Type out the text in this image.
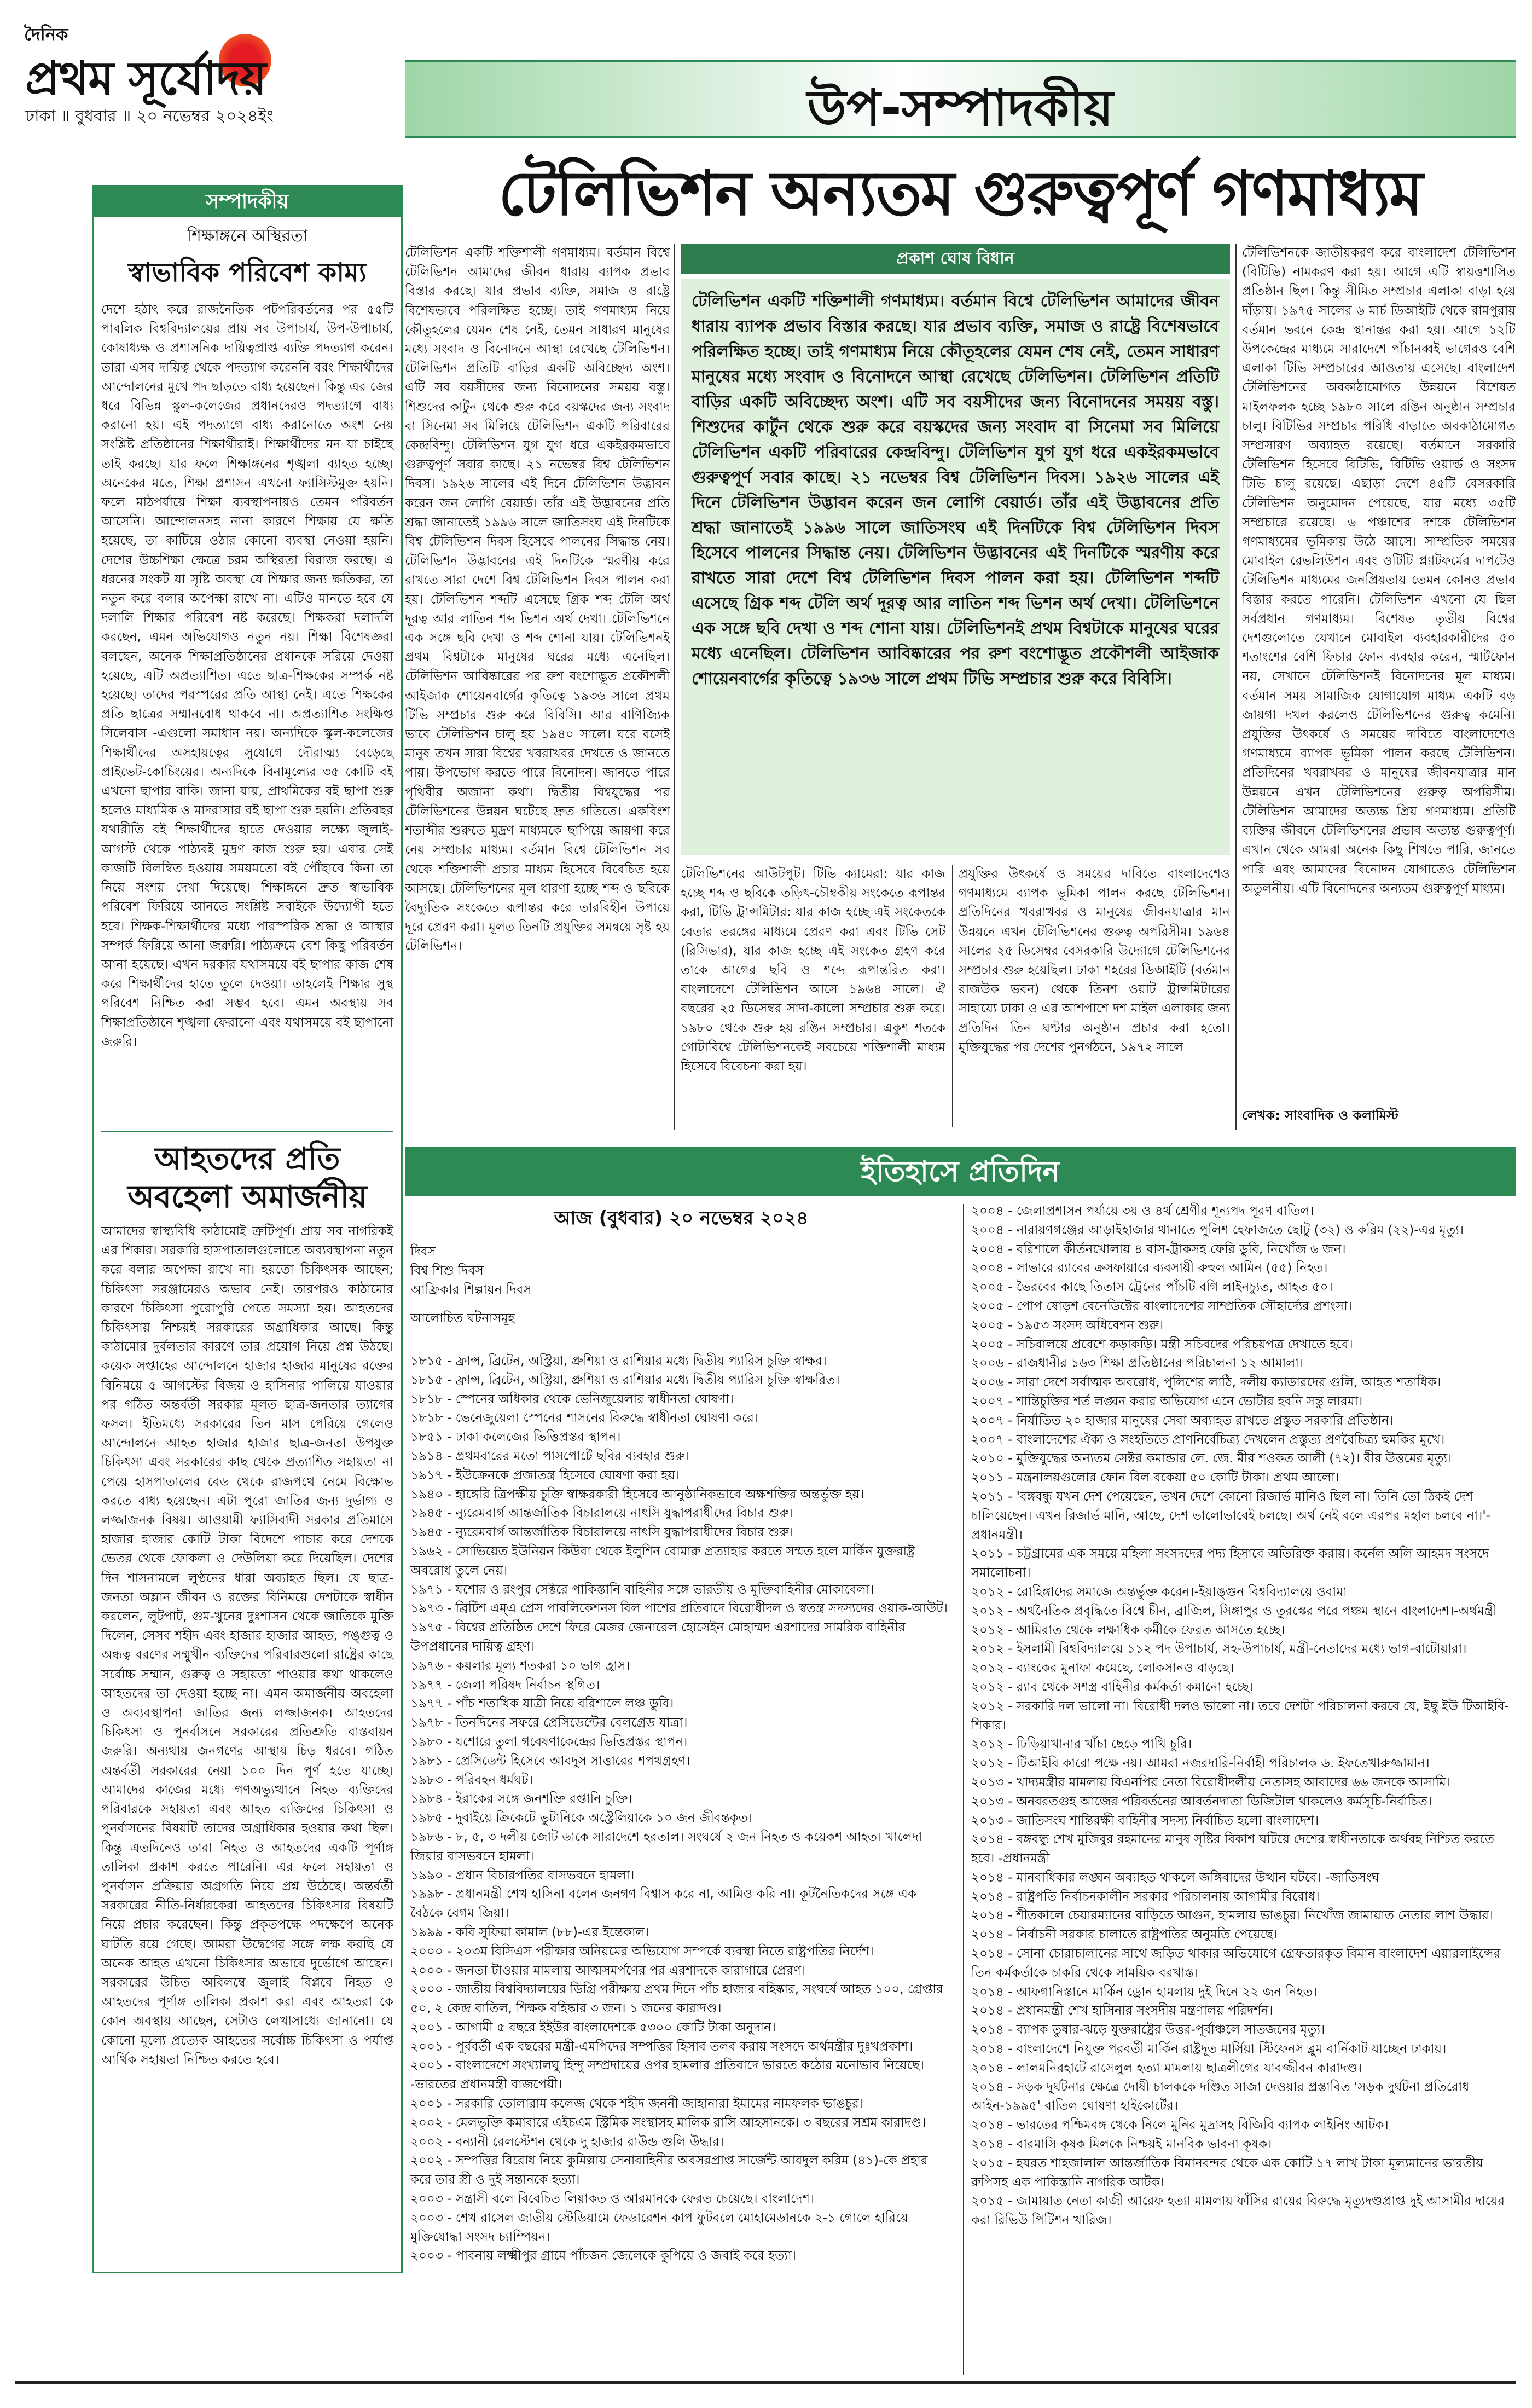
দৈনিক
প্রথম সূর্যোদয়
ঢাকা ॥ বুধবার ॥ ২০ নভেম্বর ২০২৪ইং
সম্পাদকীয়
শিক্ষাঙ্গনে অস্থিরতা
স্বাভাবিক পরিবেশ কাম্য
দেশে হঠাৎ করে রাজনৈতিক পটপরিবর্তনের পর ৫৫টি পাবলিক বিশ্ববিদ্যালয়ের প্রায় সব উপাচার্য, উপ-উপাচার্য, কোষাধ্যক্ষ ও প্রশাসনিক দায়িত্বপ্রাপ্ত ব্যক্তি পদত্যাগ করেন। তারা এসব দায়িত্ব থেকে পদত্যাগ করেননি বরং শিক্ষার্থীদের আন্দোলনের মুখে পদ ছাড়তে বাধ্য হয়েছেন। কিন্তু এর জের ধরে বিভিন্ন স্কুল-কলেজের প্রধানদেরও পদত্যাগে বাধ্য করানো হয়। এই পদত্যাগে বাধ্য করানোতে অংশ নেয় সংশ্লিষ্ট প্রতিষ্ঠানের শিক্ষার্থীরাই। শিক্ষার্থীদের মন যা চাইছে তাই করছে। যার ফলে শিক্ষাঙ্গনের শৃঙ্খলা ব্যাহত হচ্ছে। অনেকের মতে, শিক্ষা প্রশাসন এখনো ফ্যাসিস্টমুক্ত হয়নি। ফলে মাঠপর্যায়ে শিক্ষা ব্যবস্থাপনায়ও তেমন পরিবর্তন আসেনি। আন্দোলনসহ নানা কারণে শিক্ষায় যে ক্ষতি হয়েছে, তা কাটিয়ে ওঠার কোনো ব্যবস্থা নেওয়া হয়নি। দেশের উচ্চশিক্ষা ক্ষেত্রে চরম অস্থিরতা বিরাজ করছে। এ ধরনের সংকট যা সৃষ্টি অবস্থা যে শিক্ষার জন্য ক্ষতিকর, তা নতুন করে বলার অপেক্ষা রাখে না। এটিও মানতে হবে যে দলালি শিক্ষার পরিবেশ নষ্ট করেছে। শিক্ষকরা দলাদলি করছেন, এমন অভিযোগও নতুন নয়। শিক্ষা বিশেষজ্ঞরা বলছেন, অনেক শিক্ষাপ্রতিষ্ঠানের প্রধানকে সরিয়ে দেওয়া হয়েছে, এটি অপ্রত্যাশিত। এতে ছাত্র-শিক্ষকের সম্পর্ক নষ্ট হয়েছে। তাদের পরস্পরের প্রতি আস্থা নেই। এতে শিক্ষকের প্রতি ছাত্রের সম্মানবোধ থাকবে না। অপ্রত্যাশিত সংক্ষিপ্ত সিলেবাস -এগুলো সমাধান নয়। অন্যদিকে স্কুল-কলেজের শিক্ষার্থীদের অসহায়ত্বের সুযোগে দৌরাত্ম্য বেড়েছে প্রাইভেট-কোচিংয়ের। অন্যদিকে বিনামূল্যের ৩৫ কোটি বই এখনো ছাপার বাকি। জানা যায়, প্রাথমিকের বই ছাপা শুরু হলেও মাধ্যমিক ও মাদরাসার বই ছাপা শুরু হয়নি। প্রতিবছর যথারীতি বই শিক্ষার্থীদের হাতে দেওয়ার লক্ষ্যে জুলাই-আগস্ট থেকে পাঠ্যবই মুদ্রণ কাজ শুরু হয়। এবার সেই কাজটি বিলম্বিত হওয়ায় সময়মতো বই পৌঁছাবে কিনা তা নিয়ে সংশয় দেখা দিয়েছে। শিক্ষাঙ্গনে দ্রুত স্বাভাবিক পরিবেশ ফিরিয়ে আনতে সংশ্লিষ্ট সবাইকে উদ্যোগী হতে হবে। শিক্ষক-শিক্ষার্থীদের মধ্যে পারস্পরিক শ্রদ্ধা ও আস্থার সম্পর্ক ফিরিয়ে আনা জরুরি। পাঠ্যক্রমে বেশ কিছু পরিবর্তন আনা হয়েছে। এখন দরকার যথাসময়ে বই ছাপার কাজ শেষ করে শিক্ষার্থীদের হাতে তুলে দেওয়া। তাহলেই শিক্ষার সুস্থ পরিবেশ নিশ্চিত করা সম্ভব হবে। এমন অবস্থায় সব শিক্ষাপ্রতিষ্ঠানে শৃঙ্খলা ফেরানো এবং যথাসময়ে বই ছাপানো জরুরি।
আহতদের প্রতি অবহেলা অমার্জনীয়
আমাদের স্বাস্থ্যবিধি কাঠামোই ত্রুটিপূর্ণ। প্রায় সব নাগরিকই এর শিকার। সরকারি হাসপাতালগুলোতে অব্যবস্থাপনা নতুন করে বলার অপেক্ষা রাখে না। হয়তো চিকিৎসক আছেন; চিকিৎসা সরঞ্জামেরও অভাব নেই। তারপরও কাঠামোর কারণে চিকিৎসা পুরোপুরি পেতে সমস্যা হয়। আহতদের চিকিৎসায় নিশ্চয়ই সরকারের অগ্রাধিকার আছে। কিন্তু কাঠামোর দুর্বলতার কারণে তার প্রয়োগ নিয়ে প্রশ্ন উঠছে। কয়েক সপ্তাহের আন্দোলনে হাজার হাজার মানুষের রক্তের বিনিময়ে ৫ আগস্টের বিজয় ও হাসিনার পালিয়ে যাওয়ার পর গঠিত অন্তর্বর্তী সরকার মূলত ছাত্র-জনতার ত্যাগের ফসল। ইতিমধ্যে সরকারের তিন মাস পেরিয়ে গেলেও আন্দোলনে আহত হাজার হাজার ছাত্র-জনতা উপযুক্ত চিকিৎসা এবং সরকারের কাছ থেকে প্রত্যাশিত সহায়তা না পেয়ে হাসপাতালের বেড থেকে রাজপথে নেমে বিক্ষোভ করতে বাধ্য হয়েছেন। এটা পুরো জাতির জন্য দুর্ভাগ্য ও লজ্জাজনক বিষয়। আওয়ামী ফ্যাসিবাদী সরকার প্রতিমাসে হাজার হাজার কোটি টাকা বিদেশে পাচার করে দেশকে ভেতর থেকে ফোকলা ও দেউলিয়া করে দিয়েছিল। দেশের দিন শাসনামলে লুণ্ঠনের ধারা অব্যাহত ছিল। যে ছাত্র-জনতা অম্লান জীবন ও রক্তের বিনিময়ে দেশটাকে স্বাধীন করলেন, লুটপাট, গুম-খুনের দুঃশাসন থেকে জাতিকে মুক্তি দিলেন, সেসব শহীদ এবং হাজার হাজার আহত, পঙ্গুত্ব ও অন্ধত্ব বরণের সম্মুখীন ব্যক্তিদের পরিবারগুলো রাষ্ট্রের কাছে সর্বোচ্চ সম্মান, গুরুত্ব ও সহায়তা পাওয়ার কথা থাকলেও আহতদের তা দেওয়া হচ্ছে না। এমন অমার্জনীয় অবহেলা ও অব্যবস্থাপনা জাতির জন্য লজ্জাজনক। আহতদের চিকিৎসা ও পুনর্বাসনে সরকারের প্রতিশ্রুতি বাস্তবায়ন জরুরি। অন্যথায় জনগণের আস্থায় চিড় ধরবে। গঠিত অন্তর্বর্তী সরকারের নেয়া ১০০ দিন পূর্ণ হতে যাচ্ছে। আমাদের কাজের মধ্যে গণঅভ্যুত্থানে নিহত ব্যক্তিদের পরিবারকে সহায়তা এবং আহত ব্যক্তিদের চিকিৎসা ও পুনর্বাসনের বিষয়টি তাদের অগ্রাধিকার হওয়ার কথা ছিল। কিন্তু এতদিনেও তারা নিহত ও আহতদের একটি পূর্ণাঙ্গ তালিকা প্রকাশ করতে পারেনি। এর ফলে সহায়তা ও পুনর্বাসন প্রক্রিয়ার অগ্রগতি নিয়ে প্রশ্ন উঠেছে। অন্তর্বর্তী সরকারের নীতি-নির্ধারকেরা আহতদের চিকিৎসার বিষয়টি নিয়ে প্রচার করেছেন। কিন্তু প্রকৃতপক্ষে পদক্ষেপে অনেক ঘাটতি রয়ে গেছে। আমরা উদ্বেগের সঙ্গে লক্ষ করছি যে অনেক আহত এখনো চিকিৎসার অভাবে দুর্ভোগে আছেন। সরকারের উচিত অবিলম্বে জুলাই বিপ্লবে নিহত ও আহতদের পূর্ণাঙ্গ তালিকা প্রকাশ করা এবং আহতরা কে কোন অবস্থায় আছেন, সেটাও লেখাসাধ্যে জানানো। যে কোনো মূল্যে প্রত্যেক আহতের সর্বোচ্চ চিকিৎসা ও পর্যাপ্ত আর্থিক সহায়তা নিশ্চিত করতে হবে।
উপ-সম্পাদকীয়
টেলিভিশন অন্যতম গুরুত্বপূর্ণ গণমাধ্যম
টেলিভিশন একটি শক্তিশালী গণমাধ্যম। বর্তমান বিশ্বে টেলিভিশন আমাদের জীবন ধারায় ব্যাপক প্রভাব বিস্তার করছে। যার প্রভাব ব্যক্তি, সমাজ ও রাষ্ট্রে বিশেষভাবে পরিলক্ষিত হচ্ছে। তাই গণমাধ্যম নিয়ে কৌতূহলের যেমন শেষ নেই, তেমন সাধারণ মানুষের মধ্যে সংবাদ ও বিনোদনে আস্থা রেখেছে টেলিভিশন। টেলিভিশন প্রতিটি বাড়ির একটি অবিচ্ছেদ্য অংশ। এটি সব বয়সীদের জন্য বিনোদনের সময়য় বস্তু। শিশুদের কার্টুন থেকে শুরু করে বয়স্কদের জন্য সংবাদ বা সিনেমা সব মিলিয়ে টেলিভিশন একটি পরিবারের কেন্দ্রবিন্দু। টেলিভিশন যুগ যুগ ধরে একইরকমভাবে গুরুত্বপূর্ণ সবার কাছে। ২১ নভেম্বর বিশ্ব টেলিভিশন দিবস। ১৯২৬ সালের এই দিনে টেলিভিশন উদ্ভাবন করেন জন লোগি বেয়ার্ড। তাঁর এই উদ্ভাবনের প্রতি শ্রদ্ধা জানাতেই ১৯৯৬ সালে জাতিসংঘ এই দিনটিকে বিশ্ব টেলিভিশন দিবস হিসেবে পালনের সিদ্ধান্ত নেয়। টেলিভিশন উদ্ভাবনের এই দিনটিকে স্মরণীয় করে রাখতে সারা দেশে বিশ্ব টেলিভিশন দিবস পালন করা হয়। টেলিভিশন শব্দটি এসেছে গ্রিক শব্দ টেলি অর্থ দূরত্ব আর লাতিন শব্দ ভিশন অর্থ দেখা। টেলিভিশনে এক সঙ্গে ছবি দেখা ও শব্দ শোনা যায়। টেলিভিশনই প্রথম বিশ্বটাকে মানুষের ঘরের মধ্যে এনেছিল। টেলিভিশন আবিষ্কারের পর রুশ বংশোদ্ভূত প্রকৌশলী আইজাক শোয়েনবার্গের কৃতিত্বে ১৯৩৬ সালে প্রথম টিভি সম্প্রচার শুরু করে বিবিসি। আর বাণিজ্যিক ভাবে টেলিভিশন চালু হয় ১৯৪০ সালে। ঘরে বসেই মানুষ তখন সারা বিশ্বের খবরাখবর দেখতে ও জানতে পায়। উপভোগ করতে পারে বিনোদন। জানতে পারে পৃথিবীর অজানা কথা। দ্বিতীয় বিশ্বযুদ্ধের পর টেলিভিশনের উন্নয়ন ঘটেছে দ্রুত গতিতে। একবিংশ শতাব্দীর শুরুতে মুদ্রণ মাধ্যমকে ছাপিয়ে জায়গা করে নেয় সম্প্রচার মাধ্যম। বর্তমান বিশ্বে টেলিভিশন সব থেকে শক্তিশালী প্রচার মাধ্যম হিসেবে বিবেচিত হয়ে আসছে। টেলিভিশনের মূল ধারণা হচ্ছে শব্দ ও ছবিকে বৈদ্যুতিক সংকেতে রূপান্তর করে তারবিহীন উপায়ে দূরে প্রেরণ করা। মূলত তিনটি প্রযুক্তির সমন্বয়ে সৃষ্ট হয় টেলিভিশন।
প্রকাশ ঘোষ বিধান
টেলিভিশন একটি শক্তিশালী গণমাধ্যম। বর্তমান বিশ্বে টেলিভিশন আমাদের জীবন ধারায় ব্যাপক প্রভাব বিস্তার করছে। যার প্রভাব ব্যক্তি, সমাজ ও রাষ্ট্রে বিশেষভাবে পরিলক্ষিত হচ্ছে। তাই গণমাধ্যম নিয়ে কৌতূহলের যেমন শেষ নেই, তেমন সাধারণ মানুষের মধ্যে সংবাদ ও বিনোদনে আস্থা রেখেছে টেলিভিশন। টেলিভিশন প্রতিটি বাড়ির একটি অবিচ্ছেদ্য অংশ। এটি সব বয়সীদের জন্য বিনোদনের সময়য় বস্তু। শিশুদের কার্টুন থেকে শুরু করে বয়স্কদের জন্য সংবাদ বা সিনেমা সব মিলিয়ে টেলিভিশন একটি পরিবারের কেন্দ্রবিন্দু। টেলিভিশন যুগ যুগ ধরে একইরকমভাবে গুরুত্বপূর্ণ সবার কাছে। ২১ নভেম্বর বিশ্ব টেলিভিশন দিবস। ১৯২৬ সালের এই দিনে টেলিভিশন উদ্ভাবন করেন জন লোগি বেয়ার্ড। তাঁর এই উদ্ভাবনের প্রতি শ্রদ্ধা জানাতেই ১৯৯৬ সালে জাতিসংঘ এই দিনটিকে বিশ্ব টেলিভিশন দিবস হিসেবে পালনের সিদ্ধান্ত নেয়। টেলিভিশন উদ্ভাবনের এই দিনটিকে স্মরণীয় করে রাখতে সারা দেশে বিশ্ব টেলিভিশন দিবস পালন করা হয়। টেলিভিশন শব্দটি এসেছে গ্রিক শব্দ টেলি অর্থ দূরত্ব আর লাতিন শব্দ ভিশন অর্থ দেখা। টেলিভিশনে এক সঙ্গে ছবি দেখা ও শব্দ শোনা যায়। টেলিভিশনই প্রথম বিশ্বটাকে মানুষের ঘরের মধ্যে এনেছিল। টেলিভিশন আবিষ্কারের পর রুশ বংশোদ্ভূত প্রকৌশলী আইজাক শোয়েনবার্গের কৃতিত্বে ১৯৩৬ সালে প্রথম টিভি সম্প্রচার শুরু করে বিবিসি।
টেলিভিশনের আউটপুট। টিভি ক্যামেরা: যার কাজ হচ্ছে শব্দ ও ছবিকে তড়িৎ-চৌম্বকীয় সংকেতে রূপান্তর করা, টিভি ট্রান্সমিটার: যার কাজ হচ্ছে এই সংকেতকে বেতার তরঙ্গের মাধ্যমে প্রেরণ করা এবং টিভি সেট (রিসিভার), যার কাজ হচ্ছে এই সংকেত গ্রহণ করে তাকে আগের ছবি ও শব্দে রূপান্তরিত করা। বাংলাদেশে টেলিভিশন আসে ১৯৬৪ সালে। ঐ বছরের ২৫ ডিসেম্বর সাদা-কালো সম্প্রচার শুরু করে। ১৯৮০ থেকে শুরু হয় রঙিন সম্প্রচার। একুশ শতকে গোটাবিশ্বে টেলিভিশনকেই সবচেয়ে শক্তিশালী মাধ্যম হিসেবে বিবেচনা করা হয়।
প্রযুক্তির উৎকর্ষে ও সময়ের দাবিতে বাংলাদেশেও গণমাধ্যমে ব্যাপক ভূমিকা পালন করছে টেলিভিশন। প্রতিদিনের খবরাখবর ও মানুষের জীবনযাত্রার মান উন্নয়নে এখন টেলিভিশনের গুরুত্ব অপরিসীম। ১৯৬৪ সালের ২৫ ডিসেম্বর বেসরকারি উদ্যোগে টেলিভিশনের সম্প্রচার শুরু হয়েছিল। ঢাকা শহরের ডিআইটি (বর্তমান রাজউক ভবন) থেকে তিনশ ওয়াট ট্রান্সমিটারের সাহায্যে ঢাকা ও এর আশপাশে দশ মাইল এলাকার জন্য প্রতিদিন তিন ঘণ্টার অনুষ্ঠান প্রচার করা হতো। মুক্তিযুদ্ধের পর দেশের পুনর্গঠনে, ১৯৭২ সালে
টেলিভিশনকে জাতীয়করণ করে বাংলাদেশ টেলিভিশন (বিটিভি) নামকরণ করা হয়। আগে এটি স্বায়ত্তশাসিত প্রতিষ্ঠান ছিল। কিন্তু সীমিত সম্প্রচার এলাকা বাড়া হয়ে দাঁড়ায়। ১৯৭৫ সালের ৬ মার্চ ডিআইটি থেকে রামপুরায় বর্তমান ভবনে কেন্দ্র স্থানান্তর করা হয়। আগে ১২টি উপকেন্দ্রের মাধ্যমে সারাদেশে পাঁচানব্বই ভাগেরও বেশি এলাকা টিভি সম্প্রচারের আওতায় এসেছে। বাংলাদেশ টেলিভিশনের অবকাঠামোগত উন্নয়নে বিশেষত মাইলফলক হচ্ছে ১৯৮০ সালে রঙিন অনুষ্ঠান সম্প্রচার চালু। বিটিভির সম্প্রচার পরিধি বাড়াতে অবকাঠামোগত সম্প্রসারণ অব্যাহত রয়েছে। বর্তমানে সরকারি টেলিভিশন হিসেবে বিটিভি, বিটিভি ওয়ার্ল্ড ও সংসদ টিভি চালু রয়েছে। এছাড়া দেশে ৪৫টি বেসরকারি টেলিভিশন অনুমোদন পেয়েছে, যার মধ্যে ৩৫টি সম্প্রচারে রয়েছে। ৬ পঞ্চাশের দশকে টেলিভিশন গণমাধ্যমের ভূমিকায় উঠে আসে। সাম্প্রতিক সময়ের মোবাইল রেভলিউশন এবং ওটিটি প্ল্যাটফর্মের দাপটেও টেলিভিশন মাধ্যমের জনপ্রিয়তায় তেমন কোনও প্রভাব বিস্তার করতে পারেনি। টেলিভিশন এখনো যে ছিল সর্বপ্রধান গণমাধ্যম। বিশেষত তৃতীয় বিশ্বের দেশগুলোতে যেখানে মোবাইল ব্যবহারকারীদের ৫০ শতাংশের বেশি ফিচার ফোন ব্যবহার করেন, স্মার্টফোন নয়, সেখানে টেলিভিশনই বিনোদনের মূল মাধ্যম। বর্তমান সময় সামাজিক যোগাযোগ মাধ্যম একটি বড় জায়গা দখল করলেও টেলিভিশনের গুরুত্ব কমেনি। প্রযুক্তির উৎকর্ষে ও সময়ের দাবিতে বাংলাদেশেও গণমাধ্যমে ব্যাপক ভূমিকা পালন করছে টেলিভিশন। প্রতিদিনের খবরাখবর ও মানুষের জীবনযাত্রার মান উন্নয়নে এখন টেলিভিশনের গুরুত্ব অপরিসীম। টেলিভিশন আমাদের অত্যন্ত প্রিয় গণমাধ্যম। প্রতিটি ব্যক্তির জীবনে টেলিভিশনের প্রভাব অত্যন্ত গুরুত্বপূর্ণ। এখান থেকে আমরা অনেক কিছু শিখতে পারি, জানতে পারি এবং আমাদের বিনোদন যোগাতেও টেলিভিশন অতুলনীয়। এটি বিনোদনের অন্যতম গুরুত্বপূর্ণ মাধ্যম।
লেখক: সাংবাদিক ও কলামিস্ট
ইতিহাসে প্রতিদিন
আজ (বুধবার) ২০ নভেম্বর ২০২৪
দিবস
বিশ্ব শিশু দিবস
আফ্রিকার শিল্পায়ন দিবস
আলোচিত ঘটনাসমূহ
১৮১৫ - ফ্রান্স, ব্রিটেন, অস্ট্রিয়া, প্রুশিয়া ও রাশিয়ার মধ্যে দ্বিতীয় প্যারিস চুক্তি স্বাক্ষর।
১৮১৫ - ফ্রান্স, ব্রিটেন, অস্ট্রিয়া, প্রুশিয়া ও রাশিয়ার মধ্যে দ্বিতীয় প্যারিস চুক্তি স্বাক্ষরিত।
১৮১৮ - স্পেনের অধিকার থেকে ভেনিজুয়েলার স্বাধীনতা ঘোষণা।
১৮১৮ - ভেনেজুয়েলা স্পেনের শাসনের বিরুদ্ধে স্বাধীনতা ঘোষণা করে।
১৮৫১ - ঢাকা কলেজের ভিত্তিপ্রস্তর স্থাপন।
১৯১৪ - প্রথমবারের মতো পাসপোর্টে ছবির ব্যবহার শুরু।
১৯১৭ - ইউক্রেনকে প্রজাতন্ত্র হিসেবে ঘোষণা করা হয়।
১৯৪০ - হাঙ্গেরি ত্রিপক্ষীয় চুক্তি স্বাক্ষরকারী হিসেবে আনুষ্ঠানিকভাবে অক্ষশক্তির অন্তর্ভুক্ত হয়।
১৯৪৫ - ন্যুরেমবার্গ আন্তর্জাতিক বিচারালয়ে নাৎসি যুদ্ধাপরাধীদের বিচার শুরু।
১৯৪৫ - ন্যুরেমবার্গ আন্তর্জাতিক বিচারালয়ে নাৎসি যুদ্ধাপরাধীদের বিচার শুরু।
১৯৬২ - সোভিয়েত ইউনিয়ন কিউবা থেকে ইলুশিন বোমারু প্রত্যাহার করতে সম্মত হলে মার্কিন যুক্তরাষ্ট্র অবরোধ তুলে নেয়।
১৯৭১ - যশোর ও রংপুর সেক্টরে পাকিস্তানি বাহিনীর সঙ্গে ভারতীয় ও মুক্তিবাহিনীর মোকাবেলা।
১৯৭৩ - ব্রিটিশ এম্‌এ প্রেস পাবলিকেশনস বিল পাশের প্রতিবাদে বিরোধীদল ও স্বতন্ত্র সদস্যদের ওয়াক-আউট।
১৯৭৫ - বিশ্বের প্রতিষ্ঠিত দেশে ফিরে মেজর জেনারেল হোসেইন মোহাম্মদ এরশাদের সামরিক বাহিনীর উপপ্রধানের দায়িত্ব গ্রহণ।
১৯৭৬ - কয়লার মূল্য শতকরা ১০ ভাগ হ্রাস।
১৯৭৭ - জেলা পরিষদ নির্বাচন স্থগিত।
১৯৭৭ - পাঁচ শতাধিক যাত্রী নিয়ে বরিশালে লঞ্চ ডুবি।
১৯৭৮ - তিনদিনের সফরে প্রেসিডেন্টের বেলগ্রেড যাত্রা।
১৯৮০ - যশোরে তুলা গবেষণাকেন্দ্রের ভিত্তিপ্রস্তর স্থাপন।
১৯৮১ - প্রেসিডেন্ট হিসেবে আবদুস সাত্তারের শপথগ্রহণ।
১৯৮৩ - পরিবহন ধর্মঘট।
১৯৮৪ - ইরাকের সঙ্গে জনশক্তি রপ্তানি চুক্তি।
১৯৮৫ - দুবাইয়ে ক্রিকেটে ভুটানিকে অস্ট্রেলিয়াকে ১০ জন জীবন্তকৃত।
১৯৮৬ - ৮, ৫, ৩ দলীয় জোট ডাকে সারাদেশে হরতাল। সংঘর্ষে ২ জন নিহত ও কয়েকশ আহত। খালেদা জিয়ার বাসভবনে হামলা।
১৯৯০ - প্রধান বিচারপতির বাসভবনে হামলা।
১৯৯৮ - প্রধানমন্ত্রী শেখ হাসিনা বলেন জনগণ বিশ্বাস করে না, আমিও করি না। কূটনৈতিকদের সঙ্গে এক বৈঠকে বেগম জিয়া।
১৯৯৯ - কবি সুফিয়া কামাল (৮৮)-এর ইন্তেকাল।
২০০০ - ২০৩ম বিসিএস পরীক্ষার অনিয়মের অভিযোগ সম্পর্কে ব্যবস্থা নিতে রাষ্ট্রপতির নির্দেশ।
২০০০ - জনতা টাওয়ার মামলায় আত্মসমর্পণের পর এরশাদকে কারাগারে প্রেরণ।
২০০০ - জাতীয় বিশ্ববিদ্যালয়ের ডিগ্রি পরীক্ষায় প্রথম দিনে পাঁচ হাজার বহিষ্কার, সংঘর্ষে আহত ১০০, গ্রেপ্তার ৫০, ২ কেন্দ্র বাতিল, শিক্ষক বহিষ্কার ৩ জন। ১ জনের কারাদণ্ড।
২০০১ - আগামী ৫ বছরে ইইউর বাংলাদেশকে ৫৩০০ কোটি টাকা অনুদান।
২০০১ - পূর্ববর্তী এক বছরের মন্ত্রী-এমপিদের সম্পত্তির হিসাব তলব করায় সংসদে অর্থমন্ত্রীর দুঃখপ্রকাশ।
২০০১ - বাংলাদেশে সংখ্যালঘু হিন্দু সম্প্রদায়ের ওপর হামলার প্রতিবাদে ভারতে কঠোর মনোভাব নিয়েছে। -ভারতের প্রধানমন্ত্রী বাজপেয়ী।
২০০১ - সরকারি তোলারাম কলেজ থেকে শহীদ জননী জাহানারা ইমামের নামফলক ভাঙচুর।
২০০২ - মেলভুক্তি কমাবারে এইচএম স্ট্রিমিক সংস্থাসহ মালিক রাসি আহসানকে। ৩ বছরের সশ্রম কারাদণ্ড।
২০০২ - বন্যানী রেলস্টেশন থেকে দু হাজার রাউন্ড গুলি উদ্ধার।
২০০২ - সম্পত্তির বিরোধ নিয়ে কুমিল্লায় সেনাবাহিনীর অবসরপ্রাপ্ত সার্জেন্ট আবদুল করিম (৪১)-কে প্রহার করে তার স্ত্রী ও দুই সন্তানকে হত্যা।
২০০৩ - সন্ত্রাসী বলে বিবেচিত লিয়াকত ও আরমানকে ফেরত চেয়েছে। বাংলাদেশ।
২০০৩ - শেখ রাসেল জাতীয় স্টেডিয়ামে ফেডারেশন কাপ ফুটবলে মোহামেডানকে ২-১ গোলে হারিয়ে মুক্তিযোদ্ধা সংসদ চ্যাম্পিয়ন।
২০০৩ - পাবনায় লক্ষ্মীপুর গ্রামে পাঁচজন জেলেকে কুপিয়ে ও জবাই করে হত্যা।
২০০৪ - জেলাপ্রশাসন পর্যায়ে ৩য় ও ৪র্থ শ্রেণীর শূন্যপদ পূরণ বাতিল।
২০০৪ - নারায়ণগঞ্জের আড়াইহাজার থানাতে পুলিশ হেফাজতে ছোটু (৩২) ও করিম (২২)-এর মৃত্যু।
২০০৪ - বরিশালে কীর্তনখোলায় ৪ বাস-ট্রাকসহ ফেরি ডুবি, নিখোঁজ ৬ জন।
২০০৪ - সাভারে র‌্যাবের ক্রসফায়ারে ব্যবসায়ী রুহুল আমিন (৫৫) নিহত।
২০০৫ - ভৈরবের কাছে তিতাস ট্রেনের পাঁচটি বগি লাইনচ্যুত, আহত ৫০।
২০০৫ - পোপ ষোড়শ বেনেডিক্টের বাংলাদেশের সাম্প্রতিক সৌহার্দ্যের প্রশংসা।
২০০৫ - ১৯৫৩ সংসদ অধিবেশন শুরু।
২০০৫ - সচিবালয়ে প্রবেশে কড়াকড়ি। মন্ত্রী সচিবদের পরিচয়পত্র দেখাতে হবে।
২০০৬ - রাজধানীর ১৬৩ শিক্ষা প্রতিষ্ঠানের পরিচালনা ১২ আমালা।
২০০৬ - সারা দেশে সর্বাত্মক অবরোধ, পুলিশের লাঠি, দলীয় ক্যাডারদের গুলি, আহত শতাধিক।
২০০৭ - শান্তিচুক্তির শর্ত লঙ্ঘন করার অভিযোগ এনে ভোটার হবনি সন্তু লারমা।
২০০৭ - নির্যাতিত ২০ হাজার মানুষের সেবা অব্যাহত রাখতে প্রস্তুত সরকারি প্রতিষ্ঠান।
২০০৭ - বাংলাদেশের ঐক্য ও সংহতিতে প্রাণনির্বেচিত্র্য দেখলেন প্রস্তুত্য প্রণবৈচিত্র্য হুমকির মুখে।
২০১০ - মুক্তিযুদ্ধের অন্যতম সেক্টর কমান্ডার লে. জে. মীর শওকত আলী (৭২)। বীর উত্তমের মৃত্যু।
২০১১ - মন্ত্রনালয়গুলোর ফোন বিল বকেয়া ৫০ কোটি টাকা। প্রথম আলো।
২০১১ - 'বঙ্গবন্ধু যখন দেশ পেয়েছেন, তখন দেশে কোনো রিজার্ভ মানিও ছিল না। তিনি তো ঠিকই দেশ চালিয়েছেন। এখন রিজার্ভ মানি, আছে, দেশ ভালোভাবেই চলছে। অর্থ নেই বলে এরপর মহাল চলবে না।'-প্রধানমন্ত্রী।
২০১১ - চট্টগ্রামের এক সময়ে মহিলা সংসদদের পদ্য হিসাবে অতিরিক্ত করায়। কর্নেল অলি আহমদ সংসদে সমালোচনা।
২০১২ - রোহিঙ্গাদের সমাজে অন্তর্ভুক্ত করেন।-ইয়াঙ্গুন বিশ্ববিদ্যালয়ে ওবামা
২০১২ - অর্থনৈতিক প্রবৃদ্ধিতে বিশ্বে চীন, ব্রাজিল, সিঙ্গাপুর ও তুরস্কের পরে পঞ্চম স্থানে বাংলাদেশ।-অর্থমন্ত্রী
২০১২ - আমিরাত থেকে লক্ষাধিক কর্মীকে ফেরত আসতে হচ্ছে।
২০১২ - ইসলামী বিশ্ববিদ্যালয়ে ১১২ পদ উপাচার্য, সহ-উপাচার্য, মন্ত্রী-নেতাদের মধ্যে ভাগ-বাটোয়ারা।
২০১২ - ব্যাংকের মুনাফা কমেছে, লোকসানও বাড়ছে।
২০১২ - র‍্যাব থেকে সশস্ত্র বাহিনীর কর্মকর্তা কমানো হচ্ছে।
২০১২ - সরকারি দল ভালো না। বিরোধী দলও ভালো না। তবে দেশটা পরিচালনা করবে যে, ইছু ইউ টিআইবি-শিকার।
২০১২ - ঢিড়িয়াখানার খাঁচা ছেড়ে পাখি চুরি।
২০১২ - টিআইবি কারো পক্ষে নয়। আমরা নজরদারি-নির্বাহী পরিচালক ড. ইফতেখারুজ্জামান।
২০১৩ - খাদ্যমন্ত্রীর মামলায় বিএনপির নেতা বিরোধীদলীয় নেতাসহ আবাদের ৬৬ জনকে আসামি।
২০১৩ - অনবরতগুহ আজের পরিবর্তনের আবর্তনদাতা ডিজিটাল থাকলেও কর্মসূচি-নির্বাচিত।
২০১৩ - জাতিসংঘ শান্তিরক্ষী বাহিনীর সদস্য নির্বাচিত হলো বাংলাদেশ।
২০১৪ - বঙ্গবন্ধু শেখ মুজিবুর রহমানের মানুষ সৃষ্টির বিকাশ ঘটিয়ে দেশের স্বাধীনতাকে অর্থবহ নিশ্চিত করতে হবে। -প্রধানমন্ত্রী
২০১৪ - মানবাধিকার লঙ্ঘন অব্যাহত থাকলে জঙ্গিবাদের উত্থান ঘটবে। -জাতিসংঘ
২০১৪ - রাষ্ট্রপতি নির্বাচনকালীন সরকার পরিচালনায় আগামীর বিরোধ।
২০১৪ - শীতকালে চেয়ারম্যানের বাড়িতে আগুন, হামলায় ভাঙচুর। নিখোঁজ জামায়াত নেতার লাশ উদ্ধার।
২০১৪ - নির্বাচনী সরকার চালাতে রাষ্ট্রপতির অনুমতি পেয়েছে।
২০১৪ - সোনা চোরাচালানের সাথে জড়িত থাকার অভিযোগে গ্রেফতারকৃত বিমান বাংলাদেশ এয়ারলাইন্সের তিন কর্মকর্তাকে চাকরি থেকে সাময়িক বরখাস্ত।
২০১৪ - আফগানিস্তানে মার্কিন ড্রোন হামলায় দুই দিনে ২২ জন নিহত।
২০১৪ - প্রধানমন্ত্রী শেখ হাসিনার সংসদীয় মন্ত্রণালয় পরিদর্শন।
২০১৪ - ব্যাপক তুষার-ঝড়ে যুক্তরাষ্ট্রের উত্তর-পূর্বাঞ্চলে সাতজনের মৃত্যু।
২০১৪ - বাংলাদেশে নিযুক্ত পরবর্তী মার্কিন রাষ্ট্রদূত মার্সিয়া স্টিফেনস ব্লুম বার্নিকাট যাচ্ছেন ঢাকায়।
২০১৪ - লালমনিরহাটে রাসেলুল হত্যা মামলায় ছাত্রলীগের যাবজ্জীবন কারাদণ্ড।
২০১৪ - সড়ক দুর্ঘটনার ক্ষেত্রে দোষী চালককে দণ্ডিত সাজা দেওয়ার প্রস্তাবিত 'সড়ক দুর্ঘটনা প্রতিরোধ আইন-১৯৯৫' বাতিল ঘোষণা হাইকোর্টের।
২০১৪ - ভারতের পশ্চিমবঙ্গ থেকে নিলে মুনির মুদ্রাসহ বিজিবি ব্যাপক লাইনিং আটক।
২০১৪ - বারমাসি কৃষক মিলকে নিশ্চয়ই মানবিক ভাবনা কৃষক।
২০১৫ - হযরত শাহজালাল আন্তর্জাতিক বিমানবন্দর থেকে এক কোটি ১৭ লাখ টাকা মূল্যমানের ভারতীয় রুপিসহ এক পাকিস্তানি নাগরিক আটক।
২০১৫ - জামায়াত নেতা কাজী আরেফ হত্যা মামলায় ফাঁসির রায়ের বিরুদ্ধে মৃত্যুদণ্ডপ্রাপ্ত দুই আসামীর দায়ের করা রিভিউ পিটিশন খারিজ।
